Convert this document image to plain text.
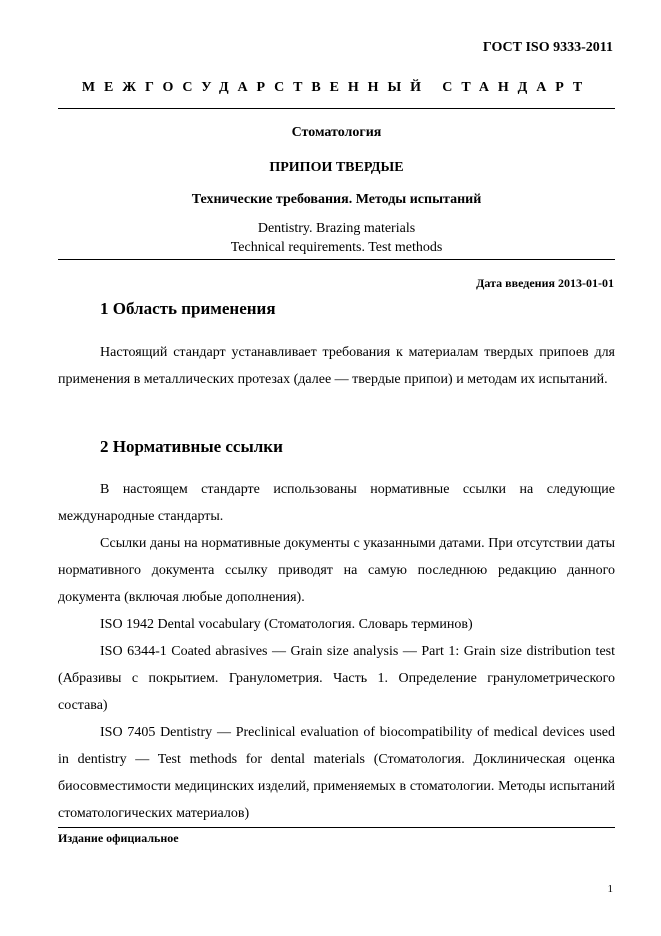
ГОСТ ISO 9333-2011
МЕЖГОСУДАРСТВЕННЫЙ СТАНДАРТ
Стоматология
ПРИПОИ ТВЕРДЫЕ
Технические требования. Методы испытаний
Dentistry. Brazing materials
Technical requirements. Test methods
Дата введения 2013-01-01
1 Область применения

Настоящий стандарт устанавливает требования к материалам твердых припоев для применения в металлических протезах (далее — твердые припои) и методам их испытаний.

2 Нормативные ссылки

В настоящем стандарте использованы нормативные ссылки на следующие международные стандарты.

Ссылки даны на нормативные документы с указанными датами. При отсутствии даты нормативного документа ссылку приводят на самую последнюю редакцию данного документа (включая любые дополнения).

ISO 1942 Dental vocabulary (Стоматология. Словарь терминов)

ISO 6344-1 Coated abrasives — Grain size analysis — Part 1: Grain size distribution test (Абразивы с покрытием. Гранулометрия. Часть 1. Определение гранулометрического состава)

ISO 7405 Dentistry — Preclinical evaluation of biocompatibility of medical devices used in dentistry — Test methods for dental materials (Стоматология. Доклиническая оценка биосовместимости медицинских изделий, применяемых в стоматологии. Методы испытаний стоматологических материалов)

Издание официальное
1
